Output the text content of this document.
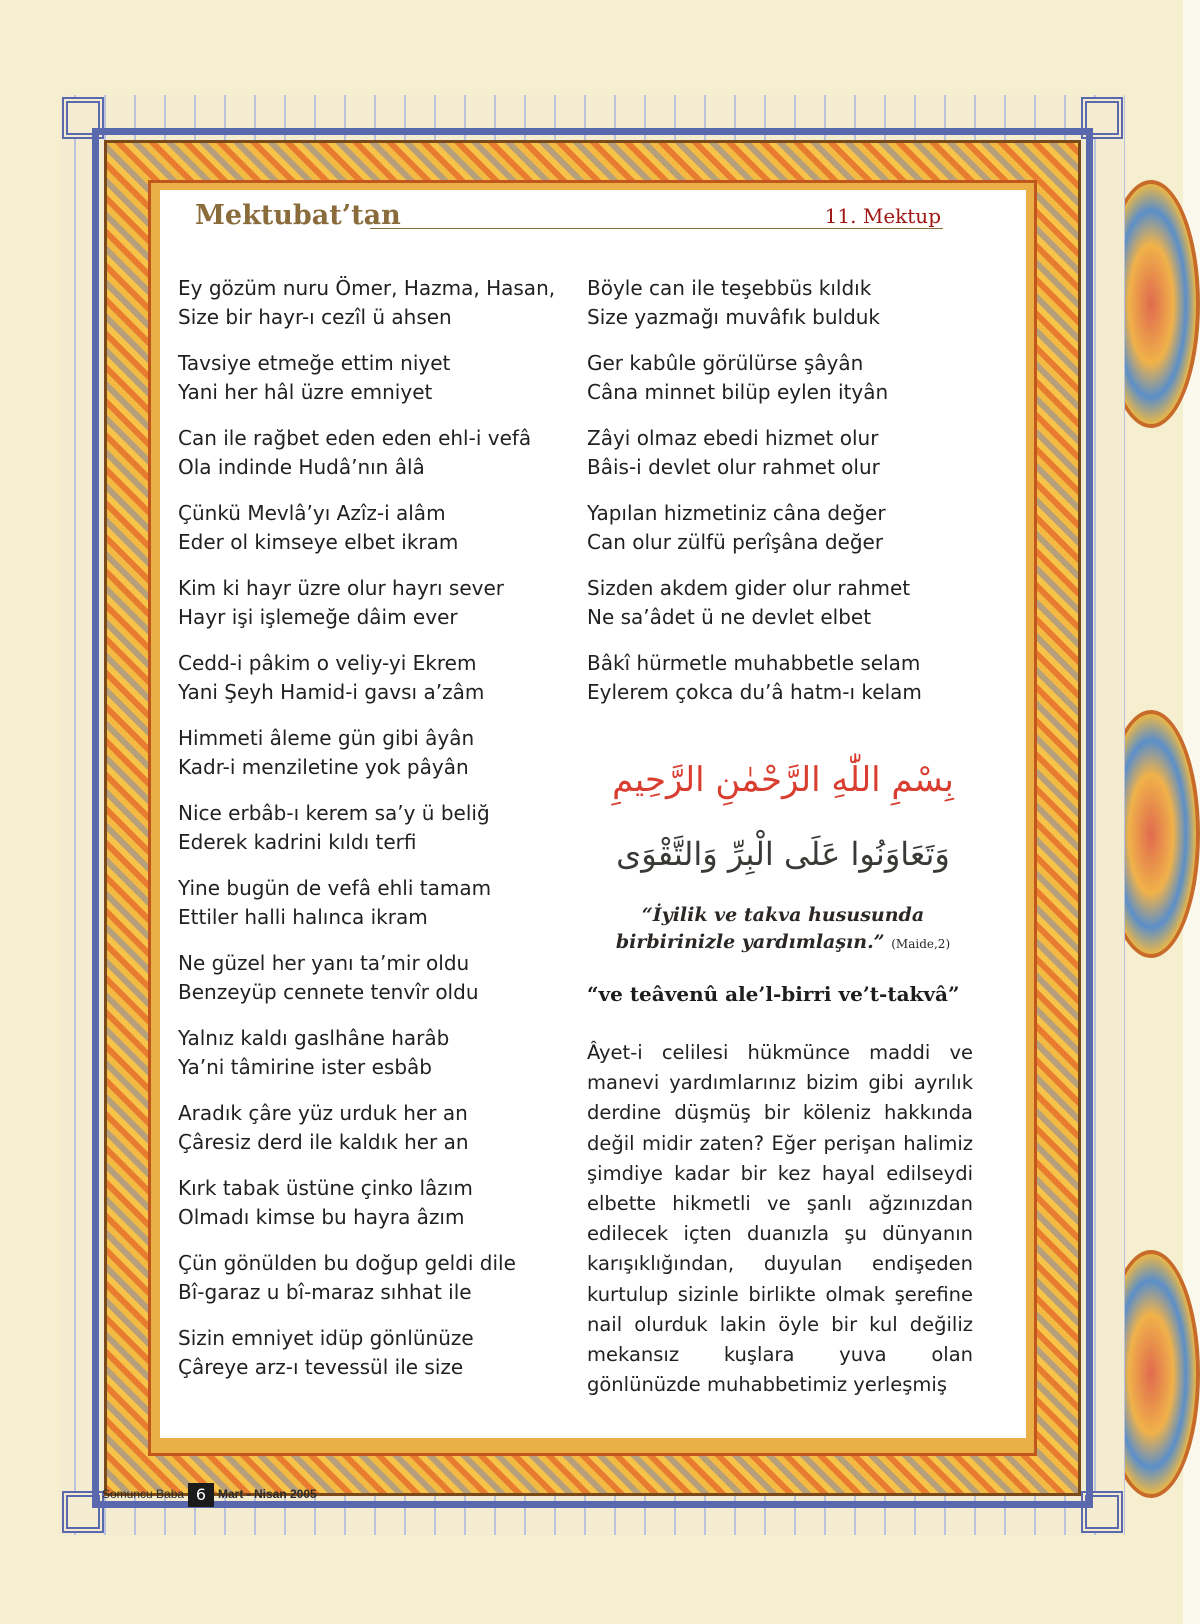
Mektubat’tan	11. Mektup
Ey gözüm nuru Ömer, Hazma, Hasan,
Size bir hayr-ı cezîl ü ahsen
Tavsiye etmeğe ettim niyet
Yani her hâl üzre emniyet
Can ile rağbet eden eden ehl-i vefâ
Ola indinde Hudâ’nın âlâ
Çünkü Mevlâ’yı Azîz-i alâm
Eder ol kimseye elbet ikram
Kim ki hayr üzre olur hayrı sever
Hayr işi işlemeğe dâim ever
Cedd-i pâkim o veliy-yi Ekrem
Yani Şeyh Hamid-i gavsı a’zâm
Himmeti âleme gün gibi âyân
Kadr-i menziletine yok pâyân
Nice erbâb-ı kerem sa’y ü beliğ
Ederek kadrini kıldı terfi
Yine bugün de vefâ ehli tamam
Ettiler halli halınca ikram
Ne güzel her yanı ta’mir oldu
Benzeyüp cennete tenvîr oldu
Yalnız kaldı gaslhâne harâb
Ya’ni tâmirine ister esbâb
Aradık çâre yüz urduk her an
Çâresiz derd ile kaldık her an
Kırk tabak üstüne çinko lâzım
Olmadı kimse bu hayra âzım
Çün gönülden bu doğup geldi dile
Bî-garaz u bî-maraz sıhhat ile
Sizin emniyet idüp gönlünüze
Çâreye arz-ı tevessül ile size
Böyle can ile teşebbüs kıldık
Size yazmağı muvâfık bulduk
Ger kabûle görülürse şâyân
Câna minnet bilüp eylen ityân
Zâyi olmaz ebedi hizmet olur
Bâis-i devlet olur rahmet olur
Yapılan hizmetiniz câna değer
Can olur zülfü perîşâna değer
Sizden akdem gider olur rahmet
Ne sa’âdet ü ne devlet elbet
Bâkî hürmetle muhabbetle selam
Eylerem çokca du’â hatm-ı kelam
بِسْمِ اللّٰهِ الرَّحْمٰنِ الرَّحِيمِ
وَتَعَاوَنُوا عَلَى الْبِرِّ وَالتَّقْوَى
“İyilik ve takva hususunda birbirinizle yardımlaşın.” (Maide,2)
“ve teâvenû ale’l-birri ve’t-takvâ”

Âyet-i celilesi hükmünce maddi ve manevi yardımlarınız bizim gibi ayrılık derdine düşmüş bir köleniz hakkında değil midir zaten? Eğer perişan halimiz şimdiye kadar bir kez hayal edilseydi elbette hikmetli ve şanlı ağzınızdan edilecek içten duanızla şu dünyanın karışıklığından, duyulan endişeden kurtulup sizinle birlikte olmak şerefine nail olurduk lakin öyle bir kul değiliz mekansız kuşlara yuva olan gönlünüzde muhabbetimiz yerleşmiş

Somuncu Baba 6 Mart - Nisan 2005
